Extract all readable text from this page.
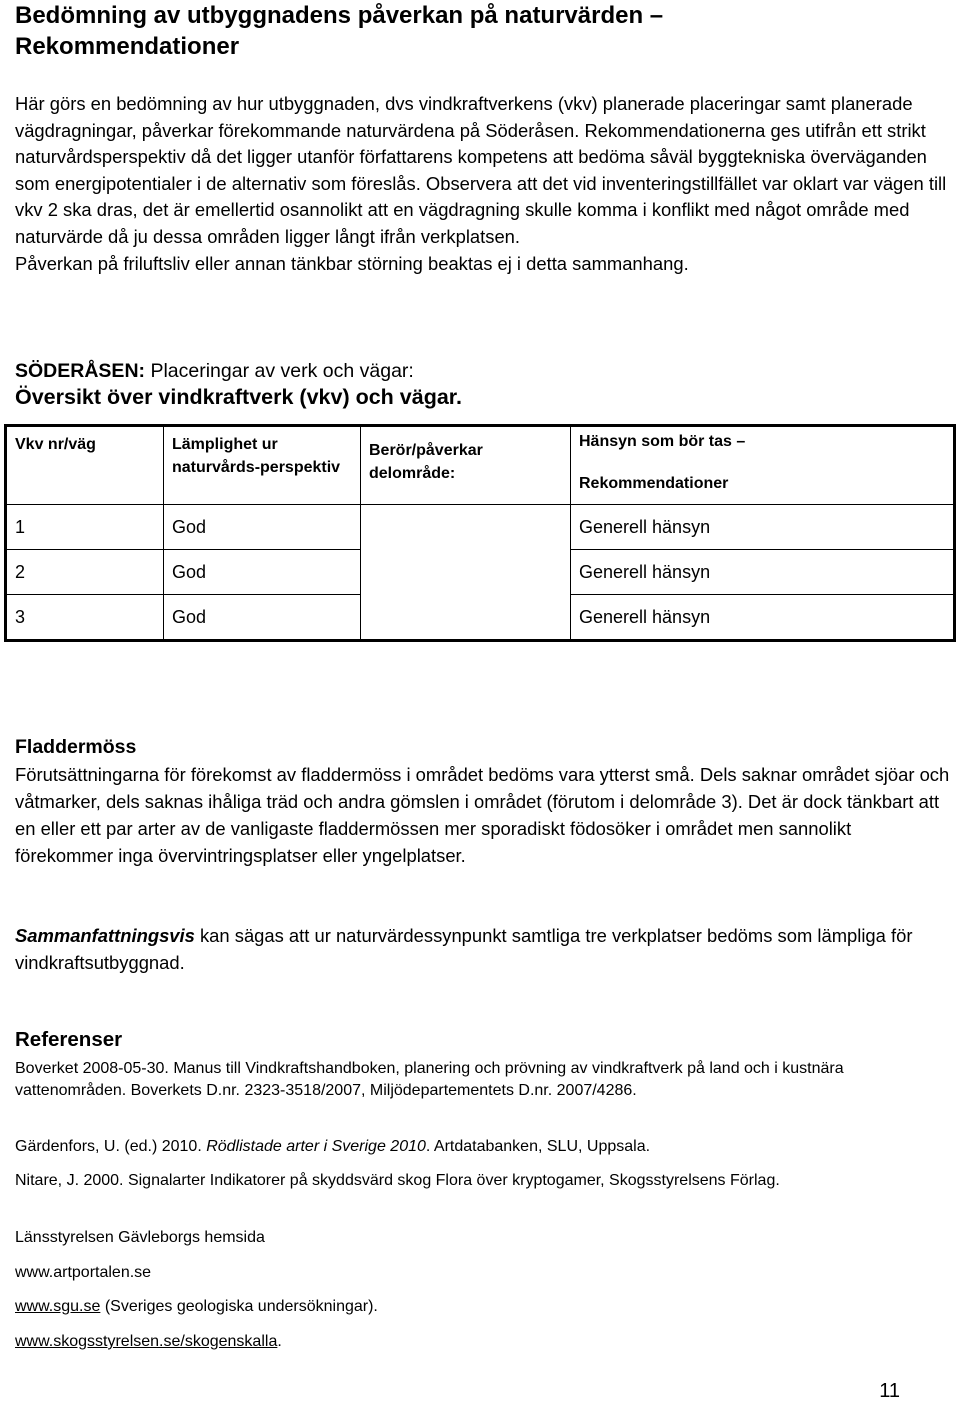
Bedömning av utbyggnadens påverkan på naturvärden –
Rekommendationer

Här görs en bedömning av hur utbyggnaden, dvs vindkraftverkens (vkv) planerade placeringar samt planerade vägdragningar, påverkar förekommande naturvärdena på Söderåsen. Rekommendationerna ges utifrån ett strikt naturvårdsperspektiv då det ligger utanför författarens kompetens att bedöma såväl byggtekniska överväganden som energipotentialer i de alternativ som föreslås. Observera att det vid inventeringstillfället var oklart var vägen till vkv 2 ska dras, det är emellertid osannolikt att en vägdragning skulle komma i konflikt med något område med naturvärde då ju dessa områden ligger långt ifrån verkplatsen.

Påverkan på friluftsliv eller annan tänkbar störning beaktas ej i detta sammanhang.

SÖDERÅSEN: Placeringar av verk och vägar:
Översikt över vindkraftverk (vkv) och vägar.
Vkv nr/väg	Lämplighet ur naturvårds-perspektiv	Berör/påverkar delområde:	Hänsyn som bör tas –
Rekommendationer

1	God		Generell hänsyn
2	God		Generell hänsyn
3	God		Generell hänsyn

Fladdermöss

Förutsättningarna för förekomst av fladdermöss i området bedöms vara ytterst små. Dels saknar området sjöar och våtmarker, dels saknas ihåliga träd och andra gömslen i området (förutom i delområde 3). Det är dock tänkbart att en eller ett par arter av de vanligaste fladdermössen mer sporadiskt födosöker i området men sannolikt förekommer inga övervintringsplatser eller yngelplatser.

Sammanfattningsvis kan sägas att ur naturvärdessynpunkt samtliga tre verkplatser bedöms som lämpliga för vindkraftsutbyggnad.

Referenser

Boverket 2008-05-30. Manus till Vindkraftshandboken, planering och prövning av vindkraftverk på land och i kustnära vattenområden. Boverkets D.nr. 2323-3518/2007, Miljödepartementets D.nr. 2007/4286.

Gärdenfors, U. (ed.) 2010. Rödlistade arter i Sverige 2010. Artdatabanken, SLU, Uppsala.

Nitare, J. 2000. Signalarter Indikatorer på skyddsvärd skog Flora över kryptogamer, Skogsstyrelsens Förlag.

Länsstyrelsen Gävleborgs hemsida

www.artportalen.se

www.sgu.se (Sveriges geologiska undersökningar).

www.skogsstyrelsen.se/skogenskalla.

11
